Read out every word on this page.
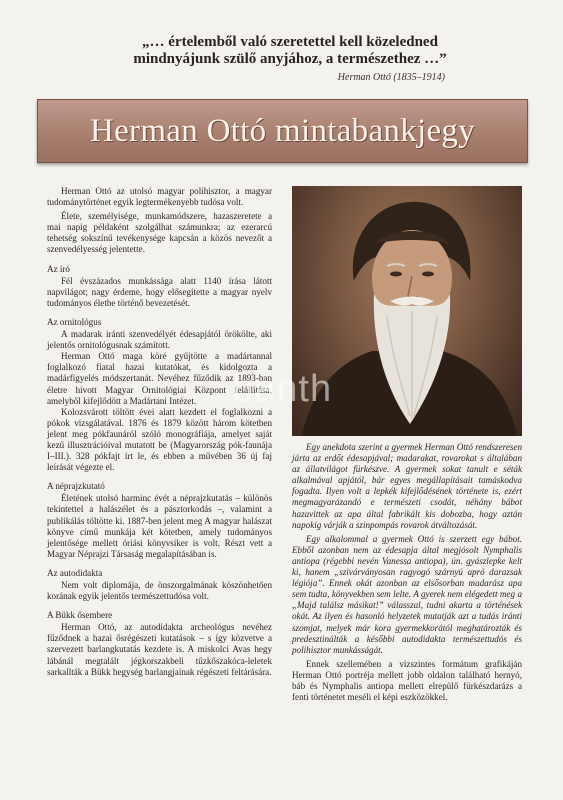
„… értelemből való szeretettel kell közeledned
mindnyájunk szülő anyjához, a természethez …”
Herman Ottó (1835–1914)
Herman Ottó mintabankjegy

Herman Ottó az utolsó magyar polihisztor, a magyar tudománytörténet egyik legtermékenyebb tudósa volt.

Élete, személyisége, munkamódszere, hazaszeretete a mai napig példaként szolgálhat számunkra; az ezerarcú tehetség sokszínű tevékenysége kapcsán a közös nevezőt a szenvedélyesség jelentette.

Az író

Fél évszázados munkássága alatt 1140 írása látott napvilágot; nagy érdeme, hogy elősegítette a magyar nyelv tudományos életbe történő bevezetését.

Az ornitológus

A madarak iránti szenvedélyét édesapjától örökölte, aki jelentős ornitológusnak számított.

Herman Ottó maga köré gyűjtötte a madártannal foglalkozó fiatal hazai kutatókat, és kidolgozta a madárfigyelés módszertanát. Nevéhez fűződik az 1893-ban életre hívott Magyar Ornitológiai Központ felállítása, amelyből kifejlődött a Madártani Intézet.

Kolozsvárott töltött évei alatt kezdett el foglalkozni a pókok vizsgálatával. 1876 és 1879 között három kötetben jelent meg pókfaunáról szóló monográfiája, amelyet saját kezű illusztrációival mutatott be (Magyarország pók-faunája I–III.). 328 pókfajt írt le, és ebben a művében 36 új faj leírását végezte el.

A néprajzkutató

Életének utolsó harminc évét a néprajzkutatás – különös tekintettel a halászélet és a pásztorkodás –, valamint a publikálás töltötte ki. 1887-ben jelent meg A magyar halászat könyve című munkája két kötetben, amely tudományos jelentősége mellett óriási könyvsiker is volt. Részt vett a Magyar Néprajzi Társaság megalapításában is.

Az autodidakta

Nem volt diplomája, de önszorgalmának köszönhetően korának egyik jelentős természettudósa volt.

A Bükk ősembere

Herman Ottó, az autodidakta archeológus nevéhez fűződnek a hazai ősrégészeti kutatások – s így közvetve a szervezett barlangkutatás kezdete is. A miskolci Avas hegy lábánál megtalált jégkorszakbeli tűzkőszakóca-leletek sarkallták a Bükk hegység barlangjainak régészeti feltárására.

banth

Egy anekdota szerint a gyermek Herman Ottó rendszeresen járta az erdőt édesapjával; madarakat, rovarokat s általában az állatvilágot fürkészve. A gyermek sokat tanult e séták alkalmával apjától, bár egyes megállapításait tamáskodva fogadta. Ilyen volt a lepkék kifejlődésének története is, ezért megmagyarázandó e természeti csodát, néhány bábot hazavittek az apa által fabrikált kis dobozba, hogy aztán napokig várják a szinpompás rovarok átváltozását.

Egy alkalommal a gyermek Ottó is szerzett egy bábot. Ebből azonban nem az édesapja által megjósolt Nymphalis antiopa (régebbi nevén Vanessa antiopa), ún. gyászlepke kelt ki, hanem „szivárványosan ragyogó szárnyú apró darazsak légiója”. Ennek okát azonban az elsősorban madarász apa sem tudta, könyvekben sem lelte. A gyerek nem elégedett meg a „Majd találsz másikat!” válasszal, tudni akarta a történések okát. Az ilyen és hasonló helyzetek mutatják azt a tudás iránti szomjat, melyek már kora gyermekkorától meghatározták és predesztinálták a későbbi autodidakta természettudós és polihisztor munkásságát.

Ennek szellemében a vízszintes formátum grafikáján Herman Ottó portréja mellett jobb oldalon található hernyó, báb és Nymphalis antiopa mellett elrepülő fürkészdarázs a fenti történetet meséli el képi eszközökkel.
